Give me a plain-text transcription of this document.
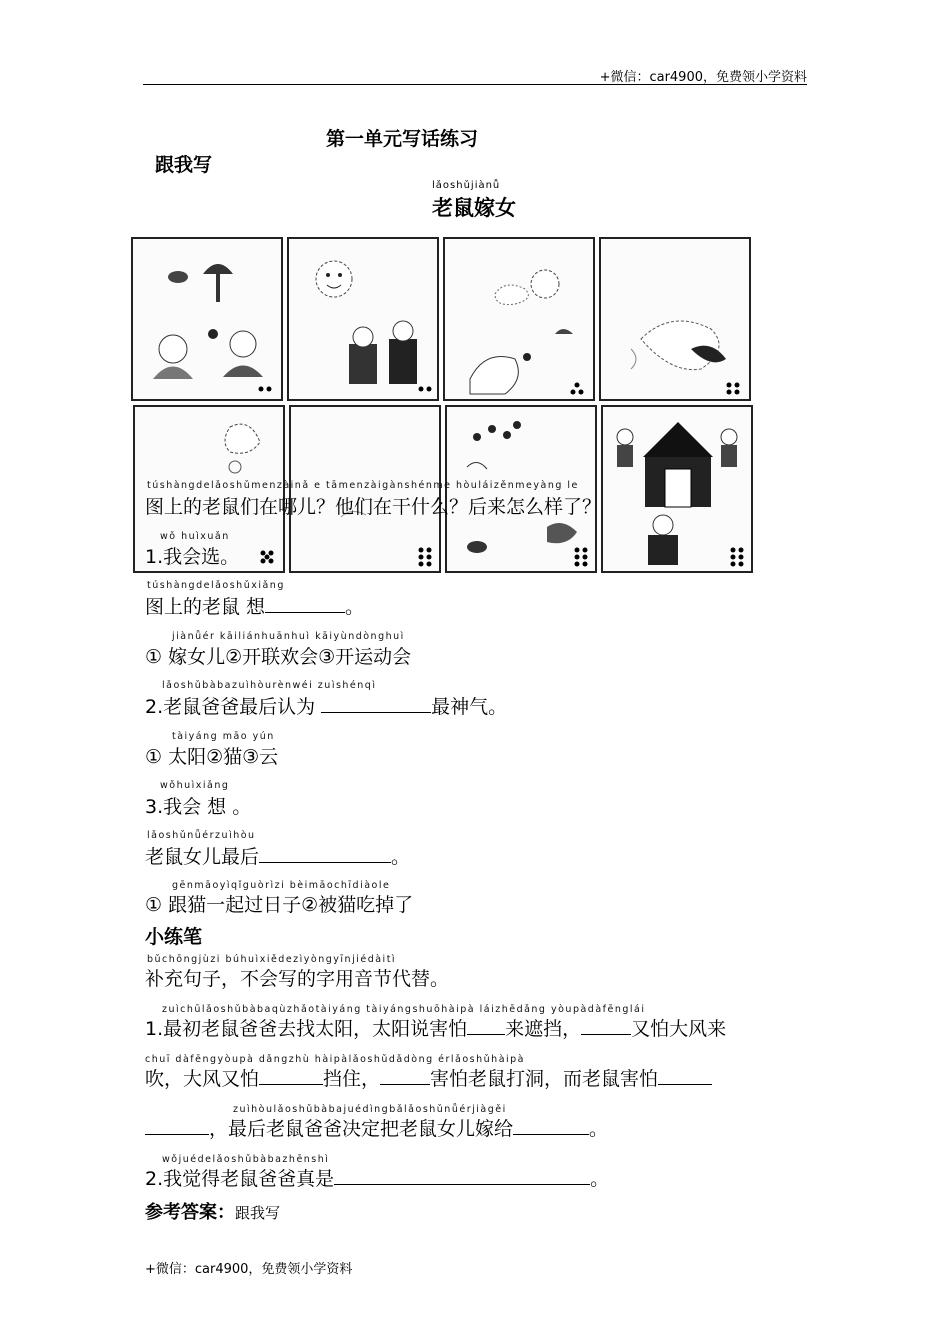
+微信：car4900，免费领小学资料
第一单元写话练习
跟我写
lǎoshǔjiànǚ
老鼠嫁女
túshàngdelǎoshǔmenzàinǎ e tāmenzàigànshénme hòuláizěnmeyàng le
图上的老鼠们在哪儿？他们在干什么？后来怎么样了？
wǒ huìxuǎn
1.我会选。
túshàngdelǎoshǔxiǎng
图上的老鼠 想	。
jiànǚér kāiliánhuānhuì kāiyùndònghuì
① 嫁女儿②开联欢会③开运动会
lǎoshǔbàbazuìhòurènwéi zuìshénqì
2.老鼠爸爸最后认为	最神气。
tàiyáng māo yún
① 太阳②猫③云
wǒhuìxiǎng
3.我会 想 。
lǎoshǔnǚérzuìhòu
老鼠女儿最后	。
gēnmāoyìqǐguòrìzi bèimāochīdiàole
① 跟猫一起过日子②被猫吃掉了
小练笔
bǔchōngjùzi búhuìxiědezìyòngyīnjiédàitì
补充句子，不会写的字用音节代替。
zuìchūlǎoshǔbàbaqùzhǎotàiyáng tàiyángshuōhàipà láizhēdǎng yòupàdàfēnglái
1.最初老鼠爸爸去找太阳，太阳说害怕 来遮挡，	又怕大风来
chuī dàfēngyòupà dǎngzhù hàipàlǎoshǔdǎdòng érlǎoshǔhàipà
吹，大风又怕	挡住，	害怕老鼠打洞，而老鼠害怕
zuìhòulǎoshǔbàbajuédìngbǎlǎoshǔnǚérjiàgěi
，最后老鼠爸爸决定把老鼠女儿嫁给	。
wǒjuédelǎoshǔbàbazhēnshì
2.我觉得老鼠爸爸真是	。
参考答案：跟我写
+微信：car4900，免费领小学资料
